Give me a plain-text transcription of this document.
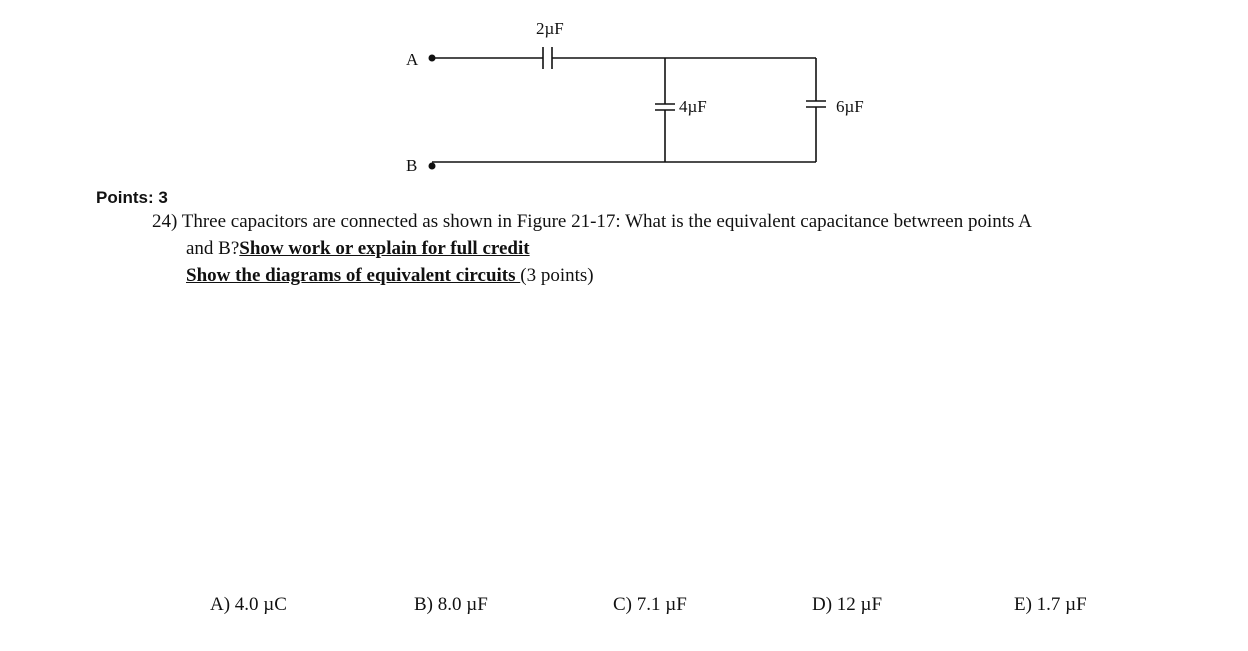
A
B
2µF
4µF	6µF
Points: 3
24) Three capacitors are connected as shown in Figure 21-17: What is the equivalent capacitance betwreen points A
and B?Show work or explain for full credit
Show the diagrams of equivalent circuits (3 points)
A) 4.0 µC	B) 8.0 µF	C) 7.1 µF	D) 12 µF	E) 1.7 µF
